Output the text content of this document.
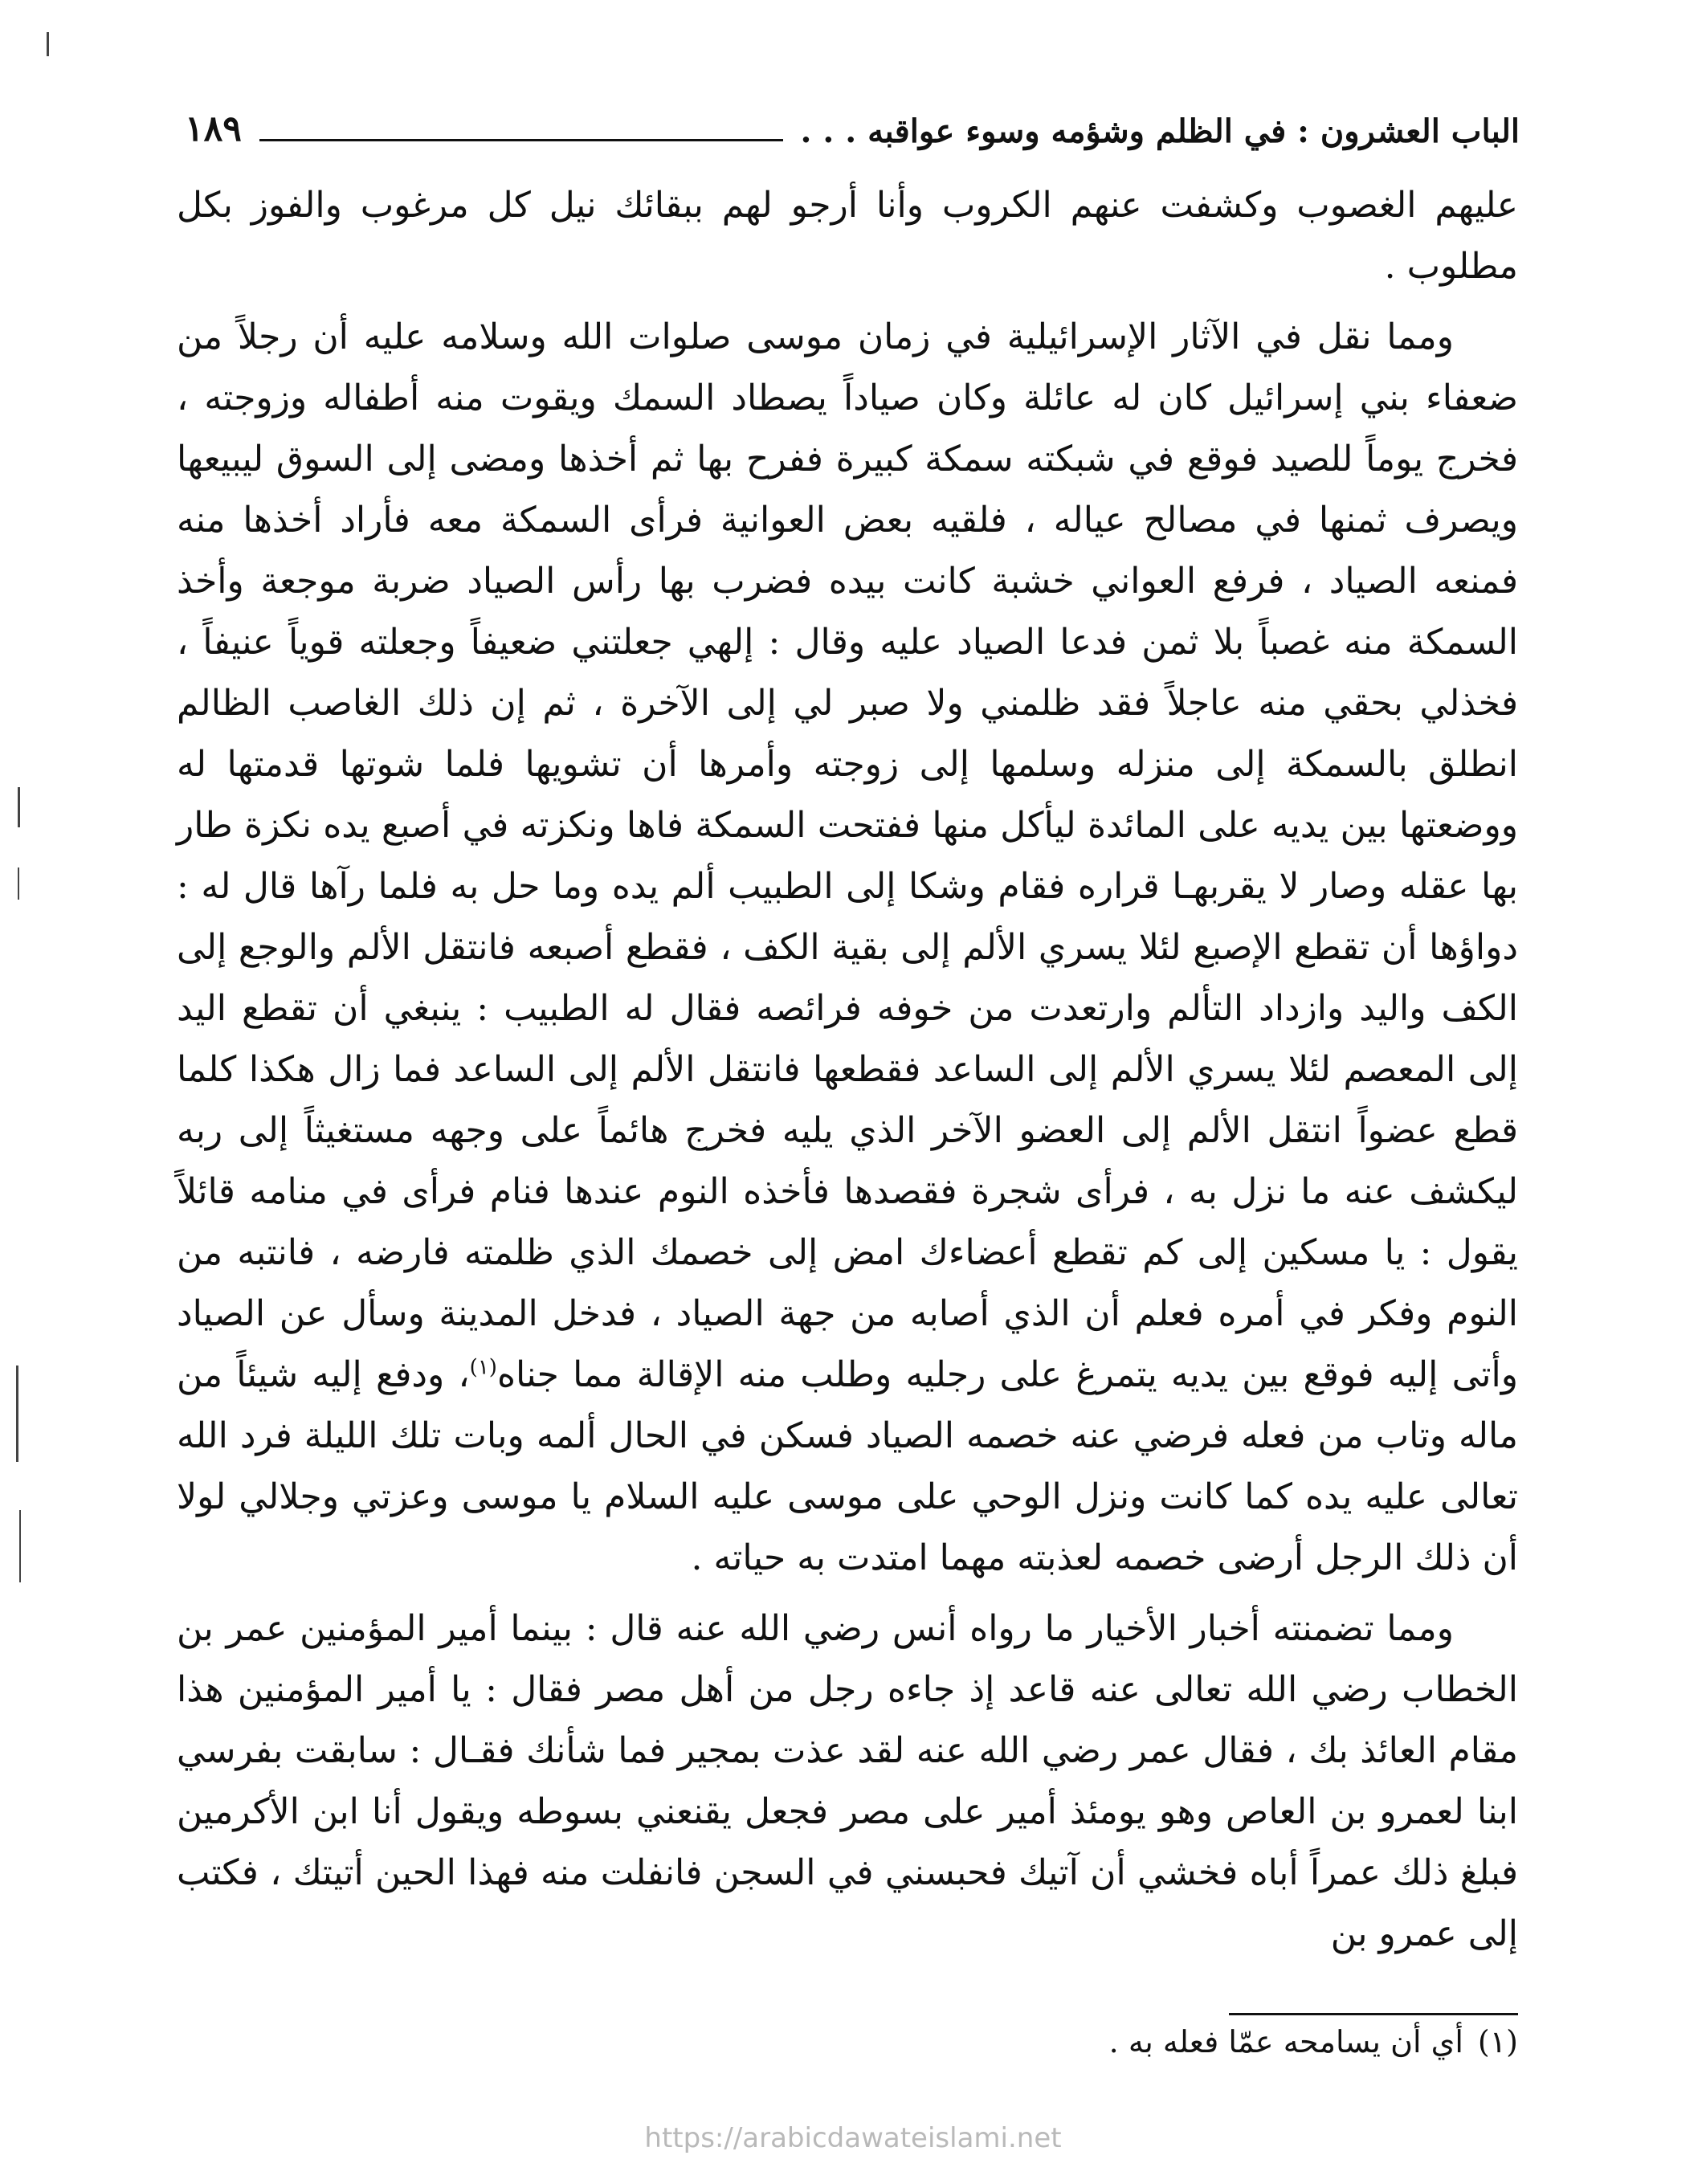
الباب العشرون : في الظلم وشؤمه وسوء عواقبه . . .
١٨٩

عليهم الغصوب وكشفت عنهم الكروب وأنا أرجو لهم ببقائك نيل كل مرغوب والفوز بكل مطلوب .

ومما نقل في الآثار الإسرائيلية في زمان موسى صلوات الله وسلامه عليه أن رجلاً من ضعفاء بني إسرائيل كان له عائلة وكان صياداً يصطاد السمك ويقوت منه أطفاله وزوجته ، فخرج يوماً للصيد فوقع في شبكته سمكة كبيرة ففرح بها ثم أخذها ومضى إلى السوق ليبيعها ويصرف ثمنها في مصالح عياله ، فلقيه بعض العوانية فرأى السمكة معه فأراد أخذها منه فمنعه الصياد ، فرفع العواني خشبة كانت بيده فضرب بها رأس الصياد ضربة موجعة وأخذ السمكة منه غصباً بلا ثمن فدعا الصياد عليه وقال : إلهي جعلتني ضعيفاً وجعلته قوياً عنيفاً ، فخذلي بحقي منه عاجلاً فقد ظلمني ولا صبر لي إلى الآخرة ، ثم إن ذلك الغاصب الظالم انطلق بالسمكة إلى منزله وسلمها إلى زوجته وأمرها أن تشويها فلما شوتها قدمتها له ووضعتها بين يديه على المائدة ليأكل منها ففتحت السمكة فاها ونكزته في أصبع يده نكزة طار بها عقله وصار لا يقربهـا قراره فقام وشكا إلى الطبيب ألم يده وما حل به فلما رآها قال له : دواؤها أن تقطع الإصبع لئلا يسري الألم إلى بقية الكف ، فقطع أصبعه فانتقل الألم والوجع إلى الكف واليد وازداد التألم وارتعدت من خوفه فرائصه فقال له الطبيب : ينبغي أن تقطع اليد إلى المعصم لئلا يسري الألم إلى الساعد فقطعها فانتقل الألم إلى الساعد فما زال هكذا كلما قطع عضواً انتقل الألم إلى العضو الآخر الذي يليه فخرج هائماً على وجهه مستغيثاً إلى ربه ليكشف عنه ما نزل به ، فرأى شجرة فقصدها فأخذه النوم عندها فنام فرأى في منامه قائلاً يقول : يا مسكين إلى كم تقطع أعضاءك امض إلى خصمك الذي ظلمته فارضه ، فانتبه من النوم وفكر في أمره فعلم أن الذي أصابه من جهة الصياد ، فدخل المدينة وسأل عن الصياد وأتى إليه فوقع بين يديه يتمرغ على رجليه وطلب منه الإقالة مما جناه$^{(١)}$، ودفع إليه شيئاً من ماله وتاب من فعله فرضي عنه خصمه الصياد فسكن في الحال ألمه وبات تلك الليلة فرد الله تعالى عليه يده كما كانت ونزل الوحي على موسى عليه السلام يا موسى وعزتي وجلالي لولا أن ذلك الرجل أرضى خصمه لعذبته مهما امتدت به حياته .

ومما تضمنته أخبار الأخيار ما رواه أنس رضي الله عنه قال : بينما أمير المؤمنين عمر بن الخطاب رضي الله تعالى عنه قاعد إذ جاءه رجل من أهل مصر فقال : يا أمير المؤمنين هذا مقام العائذ بك ، فقال عمر رضي الله عنه لقد عذت بمجير فما شأنك فقـال : سابقت بفرسي ابنا لعمرو بن العاص وهو يومئذ أمير على مصر فجعل يقنعني بسوطه ويقول أنا ابن الأكرمين فبلغ ذلك عمراً أباه فخشي أن آتيك فحبسني في السجن فانفلت منه فهذا الحين أتيتك ، فكتب إلى عمرو بن

(١)أي أن يسامحه عمّا فعله به .
https://arabicdawateislami.net
